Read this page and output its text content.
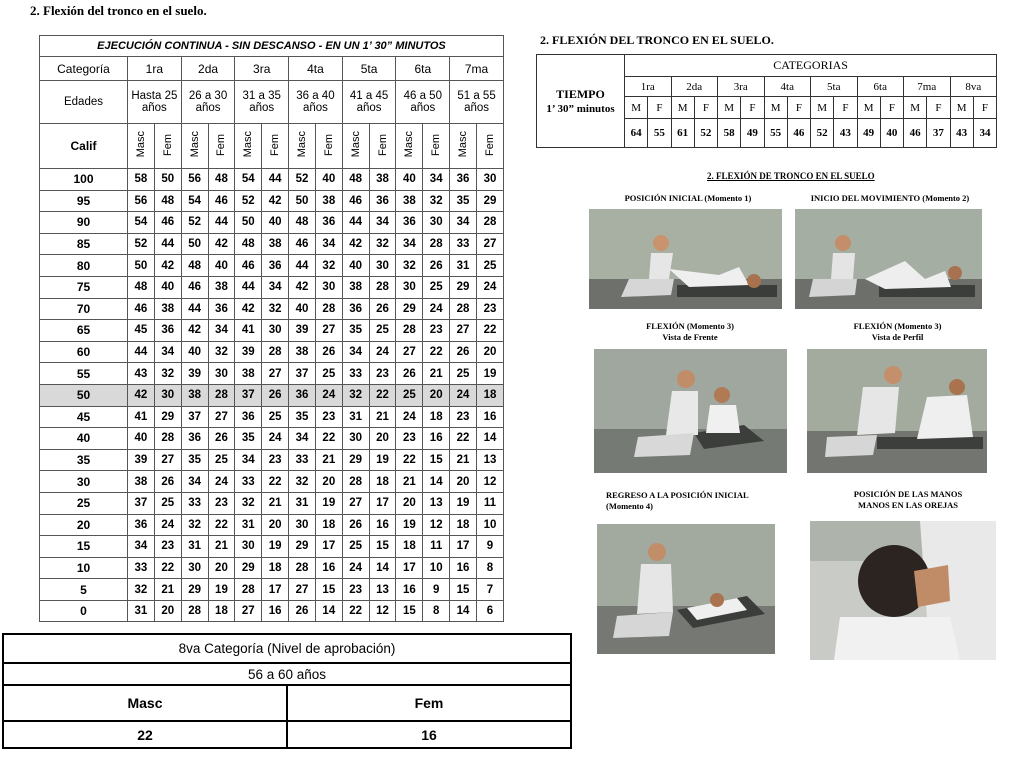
2. Flexión del tronco en el suelo.
EJECUCIÓN CONTINUA - SIN DESCANSO - EN UN 1’ 30” MINUTOS														
Categoría	1ra		2da		3ra		4ta		5ta		6ta		7ma	
Edades	Hasta 25 años		26 a 30 años		31 a 35 años		36 a 40 años		41 a 45 años		46 a 50 años		51 a 55 años	
Calif	Masc	Fem	Masc	Fem	Masc	Fem	Masc	Fem	Masc	Fem	Masc	Fem	Masc	Fem
100	58	50	56	48	54	44	52	40	48	38	40	34	36	30
95	56	48	54	46	52	42	50	38	46	36	38	32	35	29
90	54	46	52	44	50	40	48	36	44	34	36	30	34	28
85	52	44	50	42	48	38	46	34	42	32	34	28	33	27
80	50	42	48	40	46	36	44	32	40	30	32	26	31	25
75	48	40	46	38	44	34	42	30	38	28	30	25	29	24
70	46	38	44	36	42	32	40	28	36	26	29	24	28	23
65	45	36	42	34	41	30	39	27	35	25	28	23	27	22
60	44	34	40	32	39	28	38	26	34	24	27	22	26	20
55	43	32	39	30	38	27	37	25	33	23	26	21	25	19
50	42	30	38	28	37	26	36	24	32	22	25	20	24	18
45	41	29	37	27	36	25	35	23	31	21	24	18	23	16
40	40	28	36	26	35	24	34	22	30	20	23	16	22	14
35	39	27	35	25	34	23	33	21	29	19	22	15	21	13
30	38	26	34	24	33	22	32	20	28	18	21	14	20	12
25	37	25	33	23	32	21	31	19	27	17	20	13	19	11
20	36	24	32	22	31	20	30	18	26	16	19	12	18	10
15	34	23	31	21	30	19	29	17	25	15	18	11	17	9
10	33	22	30	20	29	18	28	16	24	14	17	10	16	8
5	32	21	29	19	28	17	27	15	23	13	16	9	15	7
0	31	20	28	18	27	16	26	14	22	12	15	8	14	6
8va Categoría (Nivel de aprobación)	
56 a 60 años	
Masc	Fem
22	16
2. FLEXIÓN DEL TRONCO EN EL SUELO.
TIEMPO
1’ 30” minutos	CATEGORIAS															
	1ra		2da		3ra		4ta		5ta		6ta		7ma		8va	
	M	F	M	F	M	F	M	F	M	F	M	F	M	F	M	F
	64	55	61	52	58	49	55	46	52	43	49	40	46	37	43	34
2. FLEXIÓN DE TRONCO EN EL SUELO
POSICIÓN INICIAL (Momento 1)	INICIO DEL MOVIMIENTO (Momento 2)
FLEXIÓN (Momento 3)
Vista de Frente
FLEXIÓN (Momento 3)
Vista de Perfil
REGRESO A LA POSICIÓN INICIAL
(Momento 4)
POSICIÓN DE LAS MANOS
MANOS EN LAS OREJAS
